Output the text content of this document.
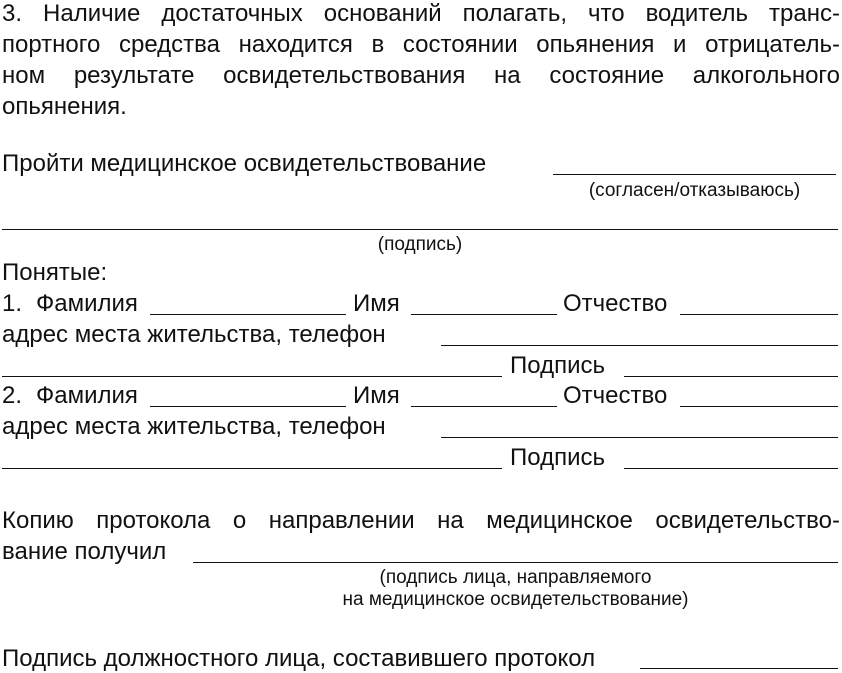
3. Наличие достаточных оснований полагать, что водитель транс-
портного средства находится в состоянии опьянения и отрицатель-
ном результате освидетельствования на состояние алкогольного
опьянения.
Пройти медицинское освидетельствование
(согласен/отказываюсь)
(подпись)
Понятые:
1. Фамилия	Имя	Отчество
адрес места жительства, телефон
Подпись
2. Фамилия	Имя	Отчество
адрес места жительства, телефон
Подпись
Копию протокола о направлении на медицинское освидетельство-
вание получил
(подпись лица, направляемого
на медицинское освидетельствование)
Подпись должностного лица, составившего протокол
